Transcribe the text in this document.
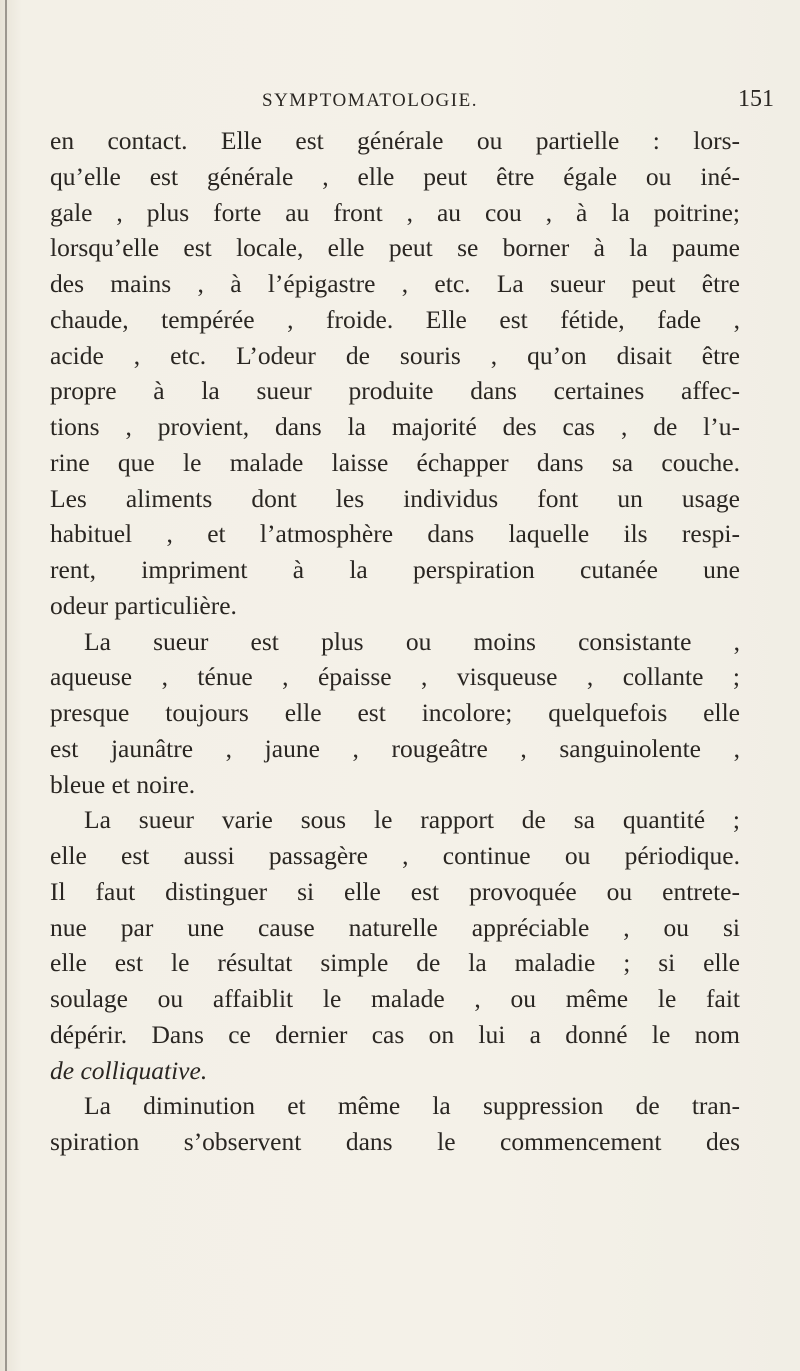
SYMPTOMATOLOGIE.	151
en contact. Elle est générale ou partielle : lors-
qu’elle est générale , elle peut être égale ou iné-
gale , plus forte au front , au cou , à la poitrine;
lorsqu’elle est locale, elle peut se borner à la paume
des mains , à l’épigastre , etc. La sueur peut être
chaude, tempérée , froide. Elle est fétide, fade ,
acide , etc. L’odeur de souris , qu’on disait être
propre à la sueur produite dans certaines affec-
tions , provient, dans la majorité des cas , de l’u-
rine que le malade laisse échapper dans sa couche.
Les aliments dont les individus font un usage
habituel , et l’atmosphère dans laquelle ils respi-
rent, impriment à la perspiration cutanée une
odeur particulière.
La sueur est plus ou moins consistante ,
aqueuse , ténue , épaisse , visqueuse , collante ;
presque toujours elle est incolore; quelquefois elle
est jaunâtre , jaune , rougeâtre , sanguinolente ,
bleue et noire.
La sueur varie sous le rapport de sa quantité ;
elle est aussi passagère , continue ou périodique.
Il faut distinguer si elle est provoquée ou entrete-
nue par une cause naturelle appréciable , ou si
elle est le résultat simple de la maladie ; si elle
soulage ou affaiblit le malade , ou même le fait
dépérir. Dans ce dernier cas on lui a donné le nom
de colliquative.
La diminution et même la suppression de tran-
spiration s’observent dans le commencement des
